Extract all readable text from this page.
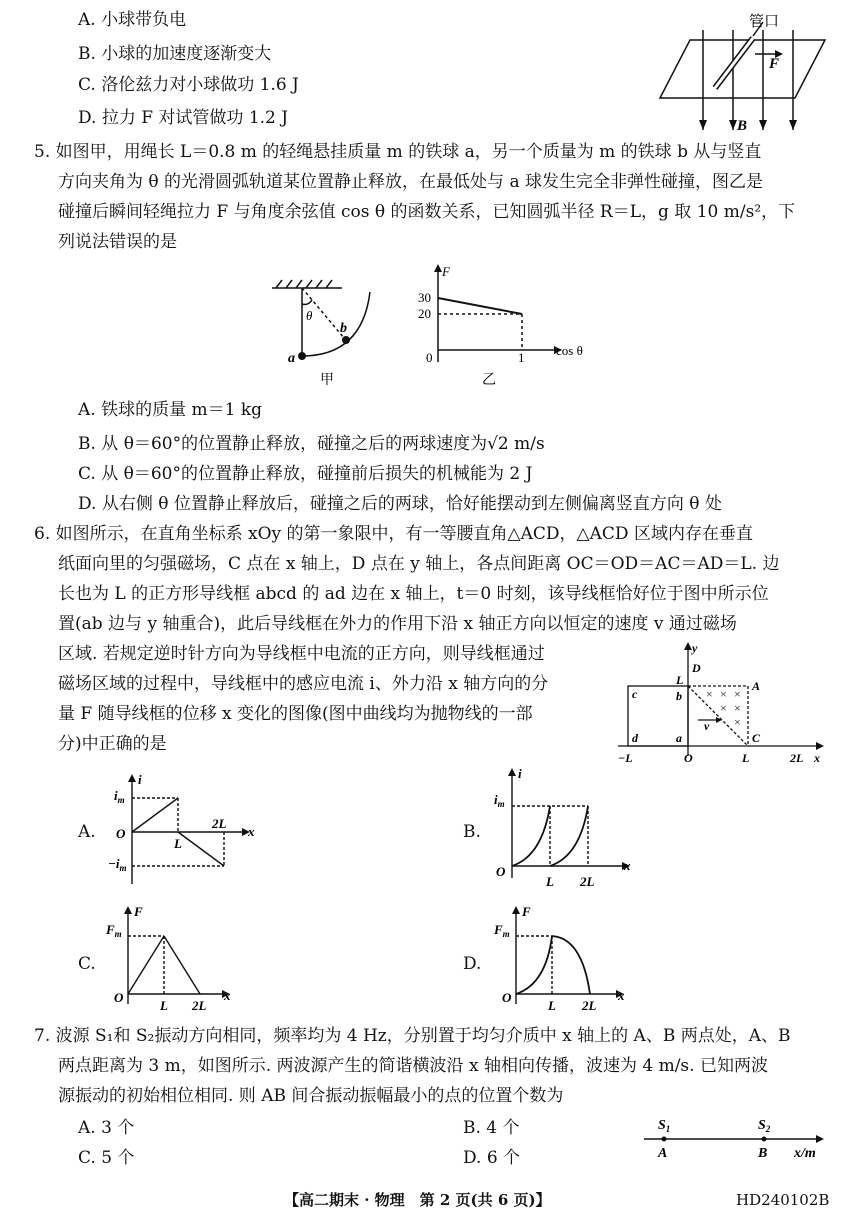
A. 小球带负电
B. 小球的加速度逐渐变大
C. 洛伦兹力对小球做功 1.6 J
D. 拉力 F 对试管做功 1.2 J
管口
F
B
5. 如图甲，用绳长 L＝0.8 m 的轻绳悬挂质量 m 的铁球 a，另一个质量为 m 的铁球 b 从与竖直
方向夹角为 θ 的光滑圆弧轨道某位置静止释放，在最低处与 a 球发生完全非弹性碰撞，图乙是
碰撞后瞬间轻绳拉力 F 与角度余弦值 cos θ 的函数关系，已知圆弧半径 R＝L，g 取 10 m/s²，下
列说法错误的是
θ
a
b
甲
F
30
20
0	1 cos θ
乙
A. 铁球的质量 m＝1 kg
B. 从 θ＝60°的位置静止释放，碰撞之后的两球速度为√2 m/s
C. 从 θ＝60°的位置静止释放，碰撞前后损失的机械能为 2 J
D. 从右侧 θ 位置静止释放后，碰撞之后的两球，恰好能摆动到左侧偏离竖直方向 θ 处
6. 如图所示，在直角坐标系 xOy 的第一象限中，有一等腰直角△ACD，△ACD 区域内存在垂直
纸面向里的匀强磁场，C 点在 x 轴上，D 点在 y 轴上，各点间距离 OC＝OD＝AC＝AD＝L. 边
长也为 L 的正方形导线框 abcd 的 ad 边在 x 轴上，t＝0 时刻，该导线框恰好位于图中所示位
置(ab 边与 y 轴重合)，此后导线框在外力的作用下沿 x 轴正方向以恒定的速度 v 通过磁场
区域. 若规定逆时针方向为导线框中电流的正方向，则导线框通过
磁场区域的过程中，导线框中的感应电流 i、外力沿 x 轴方向的分
量 F 随导线框的位移 x 变化的图像(图中曲线均为抛物线的一部
分)中正确的是
× × ×
× ×
×
y
D
L	A
b
c
v
d	a	C
−L	O	L	2L x
A.
i
$i_m$
O
L
2L
x
$-i_m$
B.
i
$i_m$
O
L 2L
x
C.
F
$F_m$
O
L 2L
x
D.
F
$F_m$
O
L 2L
x
7. 波源 S₁和 S₂振动方向相同，频率均为 4 Hz，分别置于均匀介质中 x 轴上的 A、B 两点处，A、B
两点距离为 3 m，如图所示. 两波源产生的简谐横波沿 x 轴相向传播，波速为 4 m/s. 已知两波
源振动的初始相位相同. 则 AB 间合振动振幅最小的点的位置个数为
A. 3 个	B. 4 个
C. 5 个	D. 6 个
$S_1$	$S_2$
A	B x/m
【高二期末 · 物理　第 2 页(共 6 页)】	HD240102B
